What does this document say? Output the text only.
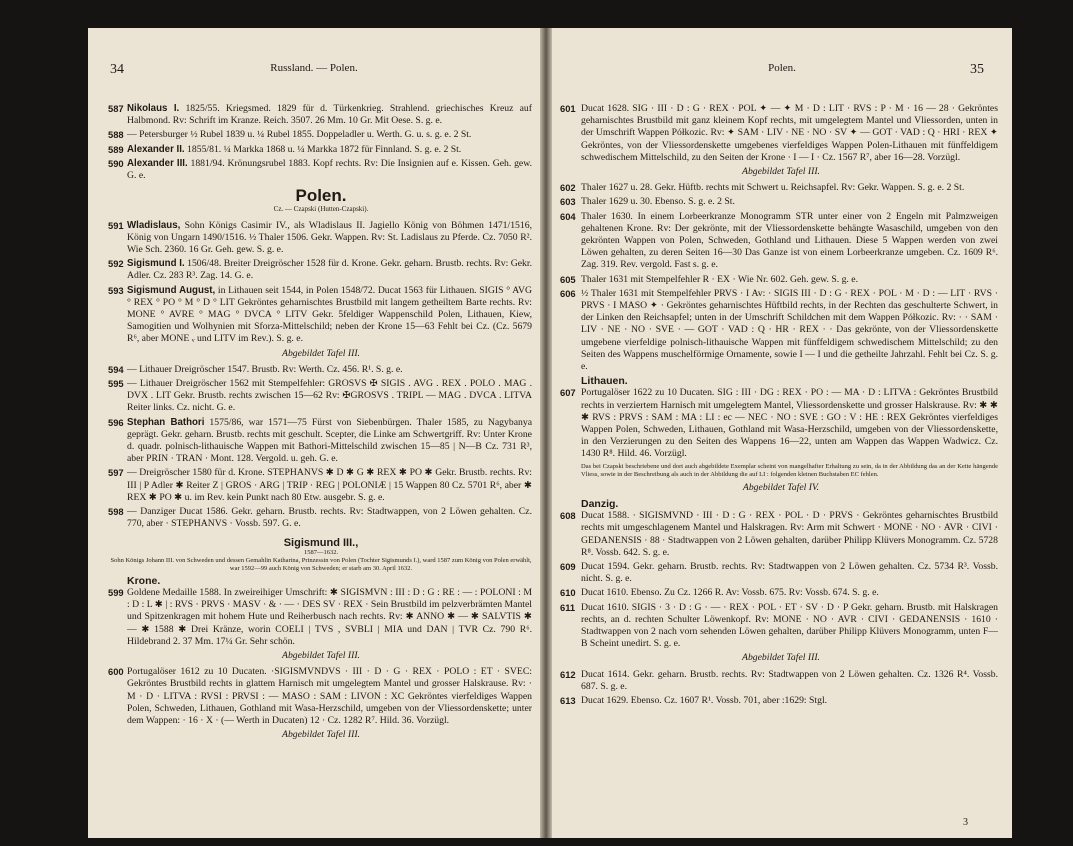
34	Russland. — Polen.
587 Nikolaus I. 1825/55. Kriegsmed. 1829 für d. Türkenkrieg. Strahlend. griechisches Kreuz auf Halbmond. Rv: Schrift im Kranze. Reich. 3507. 26 Mm. 10 Gr. Mit Oese. S. g. e.
588 — Petersburger ½ Rubel 1839 u. ¼ Rubel 1855. Doppeladler u. Werth. G. u. s. g. e. 2 St.
589 Alexander II. 1855/81. ¼ Markka 1868 u. ¼ Markka 1872 für Finnland. S. g. e. 2 St.
590 Alexander III. 1881/94. Krönungsrubel 1883. Kopf rechts. Rv: Die Insignien auf e. Kissen. Geh. gew. G. e.
Polen.
Cz. — Czapski (Hutten-Czapski).
591 Wladislaus, Sohn Königs Casimir IV., als Wladislaus II. Jagiello König von Böhmen 1471/1516, König von Ungarn 1490/1516. ½ Thaler 1506. Gekr. Wappen. Rv: St. Ladislaus zu Pferde. Cz. 7050 R². Wie Sch. 2360. 16 Gr. Geh. gew. S. g. e.
592 Sigismund I. 1506/48. Breiter Dreigröscher 1528 für d. Krone. Gekr. geharn. Brustb. rechts. Rv: Gekr. Adler. Cz. 283 R³. Zag. 14. G. e.
593 Sigismund August, in Lithauen seit 1544, in Polen 1548/72. Ducat 1563 für Lithauen. SIGIS ° AVG ° REX ° PO ° M ° D ° LIT Gekröntes geharnischtes Brustbild mit langem getheiltem Barte rechts. Rv: MONE ° AVRE ° MAG ° DVCA ° LITV Gekr. 5feldiger Wappenschild Polen, Lithauen, Kiew, Samogitien und Wolhynien mit Sforza-Mittelschild; neben der Krone 15—63 Fehlt bei Cz. (Cz. 5679 R⁶, aber MONE ᵥ und LITV im Rev.). S. g. e.
Abgebildet Tafel III.
594 — Lithauer Dreigröscher 1547. Brustb. Rv: Werth. Cz. 456. R¹. S. g. e.
595 — Lithauer Dreigröscher 1562 mit Stempelfehler: GROSVS ✠ SIGIS . AVG . REX . POLO . MAG . DVX . LIT Gekr. Brustb. rechts zwischen 15—62 Rv: ✠GROSVS . TRIPL — MAG . DVCA . LITVA Reiter links. Cz. nicht. G. e.
596 Stephan Bathori 1575/86, war 1571—75 Fürst von Siebenbürgen. Thaler 1585, zu Nagybanya geprägt. Gekr. geharn. Brustb. rechts mit geschult. Scepter, die Linke am Schwertgriff. Rv: Unter Krone d. quadr. polnisch-lithauische Wappen mit Bathori-Mittelschild zwischen 15—85 | N—B Cz. 731 R³, aber PRIN · TRAN · Mont. 128. Vergold. u. geh. G. e.
597 — Dreigröscher 1580 für d. Krone. STEPHANVS ✱ D ✱ G ✱ REX ✱ PO ✱ Gekr. Brustb. rechts. Rv: III | P Adler ✱ Reiter Z | GROS · ARG | TRIP · REG | POLONIÆ | 15 Wappen 80 Cz. 5701 R⁶, aber ✱ REX ✱ PO ✱ u. im Rev. kein Punkt nach 80 Etw. ausgebr. S. g. e.
598 — Danziger Ducat 1586. Gekr. geharn. Brustb. rechts. Rv: Stadtwappen, von 2 Löwen gehalten. Cz. 770, aber · STEPHANVS · Vossb. 597. G. e.
Sigismund III.,
1587—1632.
Sohn Königs Johann III. von Schweden und dessen Gemahlin Katharina, Prinzessin von Polen (Tochter Sigismunds I.), ward 1587 zum König von Polen erwählt, war 1592—99 auch König von Schweden; er starb am 30. April 1632.
Krone.
599 Goldene Medaille 1588. In zweireihiger Umschrift: ✱ SIGISMVN : III : D : G : RE : — : POLONI : M : D : L ✱ | : RVS · PRVS · MASV · & · — · DES SV · REX · Sein Brustbild im pelzverbrämten Mantel und Spitzenkragen mit hohem Hute und Reiherbusch nach rechts. Rv: ✱ ANNO ✱ — ✱ SALVTIS ✱ — ✱ 1588 ✱ Drei Kränze, worin COELI | TVS , SVBLI | MIA und DAN | TVR Cz. 790 R⁶. Hildebrand 2. 37 Mm. 17¼ Gr. Sehr schön.
Abgebildet Tafel III.
600 Portugalöser 1612 zu 10 Ducaten. ·SIGISMVNDVS · III · D · G · REX · POLO : ET · SVEC: Gekröntes Brustbild rechts in glattem Harnisch mit umgelegtem Mantel und grosser Halskrause. Rv: · M · D · LITVA : RVSI : PRVSI : — MASO : SAM : LIVON : XC Gekröntes vierfeldiges Wappen Polen, Schweden, Lithauen, Gothland mit Wasa-Herzschild, umgeben von der Vliessordenskette; unter dem Wappen: · 16 · X · (— Werth in Ducaten) 12 · Cz. 1282 R⁷. Hild. 36. Vorzügl.
Abgebildet Tafel III.
Polen.	35
601 Ducat 1628. SIG · III · D : G · REX · POL ✦ — ✦ M · D : LIT · RVS : P · M · 16 — 28 · Gekröntes geharnischtes Brustbild mit ganz kleinem Kopf rechts, mit umgelegtem Mantel und Vliessorden, unten in der Umschrift Wappen Półkozic. Rv: ✦ SAM · LIV · NE · NO · SV ✦ — GOT · VAD : Q · HRI · REX ✦ Gekröntes, von der Vliessordenskette umgebenes vierfeldiges Wappen Polen-Lithauen mit fünffeldigem schwedischem Mittelschild, zu den Seiten der Krone · I — I · Cz. 1567 R⁷, aber 16—28. Vorzügl.
Abgebildet Tafel III.
602 Thaler 1627 u. 28. Gekr. Hüftb. rechts mit Schwert u. Reichsapfel. Rv: Gekr. Wappen. S. g. e. 2 St.
603 Thaler 1629 u. 30. Ebenso. S. g. e. 2 St.
604 Thaler 1630. In einem Lorbeerkranze Monogramm STR unter einer von 2 Engeln mit Palmzweigen gehaltenen Krone. Rv: Der gekrönte, mit der Vliessordenskette behängte Wasaschild, umgeben von den gekrönten Wappen von Polen, Schweden, Gothland und Lithauen. Diese 5 Wappen werden von zwei Löwen gehalten, zu deren Seiten 16—30 Das Ganze ist von einem Lorbeerkranze umgeben. Cz. 1609 R⁶. Zag. 319. Rev. vergold. Fast s. g. e.
605 Thaler 1631 mit Stempelfehler R · EX · Wie Nr. 602. Geh. gew. S. g. e.
606 ½ Thaler 1631 mit Stempelfehler PRVS · I Av: · SIGIS III · D : G · REX · POL · M · D : — LIT · RVS · PRVS · I MASO ✦ · Gekröntes geharnischtes Hüftbild rechts, in der Rechten das geschulterte Schwert, in der Linken den Reichsapfel; unten in der Umschrift Schildchen mit dem Wappen Półkozic. Rv: · · SAM · LIV · NE · NO · SVE · — GOT · VAD : Q · HR · REX · · Das gekrönte, von der Vliessordenskette umgebene vierfeldige polnisch-lithauische Wappen mit fünffeldigem schwedischem Mittelschild; zu den Seiten des Wappens muschelförmige Ornamente, sowie I — I und die getheilte Jahrzahl. Fehlt bei Cz. S. g. e.
Lithauen.
607 Portugalöser 1622 zu 10 Ducaten. SIG : III · DG : REX · PO : — MA · D : LITVA : Gekröntes Brustbild rechts in verziertem Harnisch mit umgelegtem Mantel, Vliessordenskette und grosser Halskrause. Rv: ✱ ✱ ✱ RVS : PRVS : SAM : MA : LI : ec — NEC · NO : SVE : GO : V : HE : REX Gekröntes vierfeldiges Wappen Polen, Schweden, Lithauen, Gothland mit Wasa-Herzschild, umgeben von der Vliessordenskette, in den Verzierungen zu den Seiten des Wappens 16—22, unten am Wappen das Wappen Wadwicz. Cz. 1430 R⁸. Hild. 46. Vorzügl.
Das bei Czapski beschriebene und dort auch abgebildete Exemplar scheint von mangelhafter Erhaltung zu sein, da in der Abbildung das an der Kette hängende Vliess, sowie in der Beschreibung als auch in der Abbildung die auf LI : folgenden kleinen Buchstaben EC fehlen.
Abgebildet Tafel IV.
Danzig.
608 Ducat 1588. · SIGISMVND · III · D : G · REX · POL · D · PRVS · Gekröntes geharnischtes Brustbild rechts mit umgeschlagenem Mantel und Halskragen. Rv: Arm mit Schwert · MONE · NO · AVR · CIVI · GEDANENSIS · 88 · Stadtwappen von 2 Löwen gehalten, darüber Philipp Klüvers Monogramm. Cz. 5728 R⁸. Vossb. 642. S. g. e.
609 Ducat 1594. Gekr. geharn. Brustb. rechts. Rv: Stadtwappen von 2 Löwen gehalten. Cz. 5734 R³. Vossb. nicht. S. g. e.
610 Ducat 1610. Ebenso. Zu Cz. 1266 R. Av: Vossb. 675. Rv: Vossb. 674. S. g. e.
611 Ducat 1610. SIGIS · 3 · D : G · — · REX · POL · ET · SV · D · P Gekr. geharn. Brustb. mit Halskragen rechts, an d. rechten Schulter Löwenkopf. Rv: MONE · NO · AVR · CIVI · GEDANENSIS · 1610 · Stadtwappen von 2 nach vorn sehenden Löwen gehalten, darüber Philipp Klüvers Monogramm, unten F—B Scheint unedirt. S. g. e.
Abgebildet Tafel III.
612 Ducat 1614. Gekr. geharn. Brustb. rechts. Rv: Stadtwappen von 2 Löwen gehalten. Cz. 1326 R⁴. Vossb. 687. S. g. e.
613 Ducat 1629. Ebenso. Cz. 1607 R¹. Vossb. 701, aber :1629: Stgl.
3
